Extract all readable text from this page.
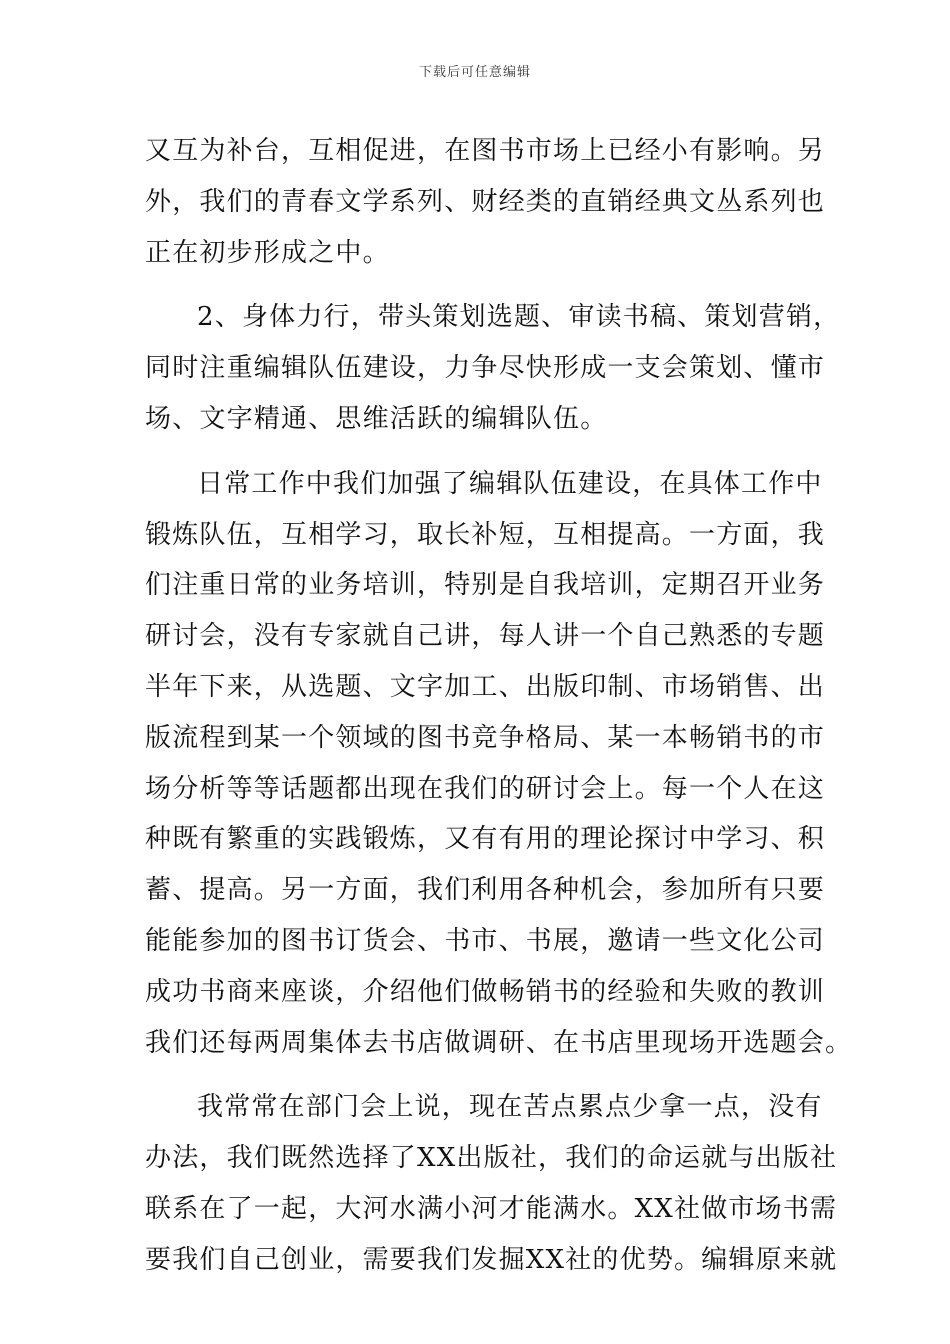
下载后可任意编辑
又互为补台，互相促进，在图书市场上已经小有影响。另
外，我们的青春文学系列、财经类的直销经典文丛系列也
正在初步形成之中。
2、身体力行，带头策划选题、审读书稿、策划营销，
同时注重编辑队伍建设，力争尽快形成一支会策划、懂市
场、文字精通、思维活跃的编辑队伍。
日常工作中我们加强了编辑队伍建设，在具体工作中
锻炼队伍，互相学习，取长补短，互相提高。一方面，我
们注重日常的业务培训，特别是自我培训，定期召开业务
研讨会，没有专家就自己讲，每人讲一个自己熟悉的专题
半年下来，从选题、文字加工、出版印制、市场销售、出
版流程到某一个领域的图书竞争格局、某一本畅销书的市
场分析等等话题都出现在我们的研讨会上。每一个人在这
种既有繁重的实践锻炼，又有有用的理论探讨中学习、积
蓄、提高。另一方面，我们利用各种机会，参加所有只要
能能参加的图书订货会、书市、书展，邀请一些文化公司
成功书商来座谈，介绍他们做畅销书的经验和失败的教训
我们还每两周集体去书店做调研、在书店里现场开选题会。
我常常在部门会上说，现在苦点累点少拿一点，没有
办法，我们既然选择了XX出版社，我们的命运就与出版社
联系在了一起，大河水满小河才能满水。XX社做市场书需
要我们自己创业，需要我们发掘XX社的优势。编辑原来就
